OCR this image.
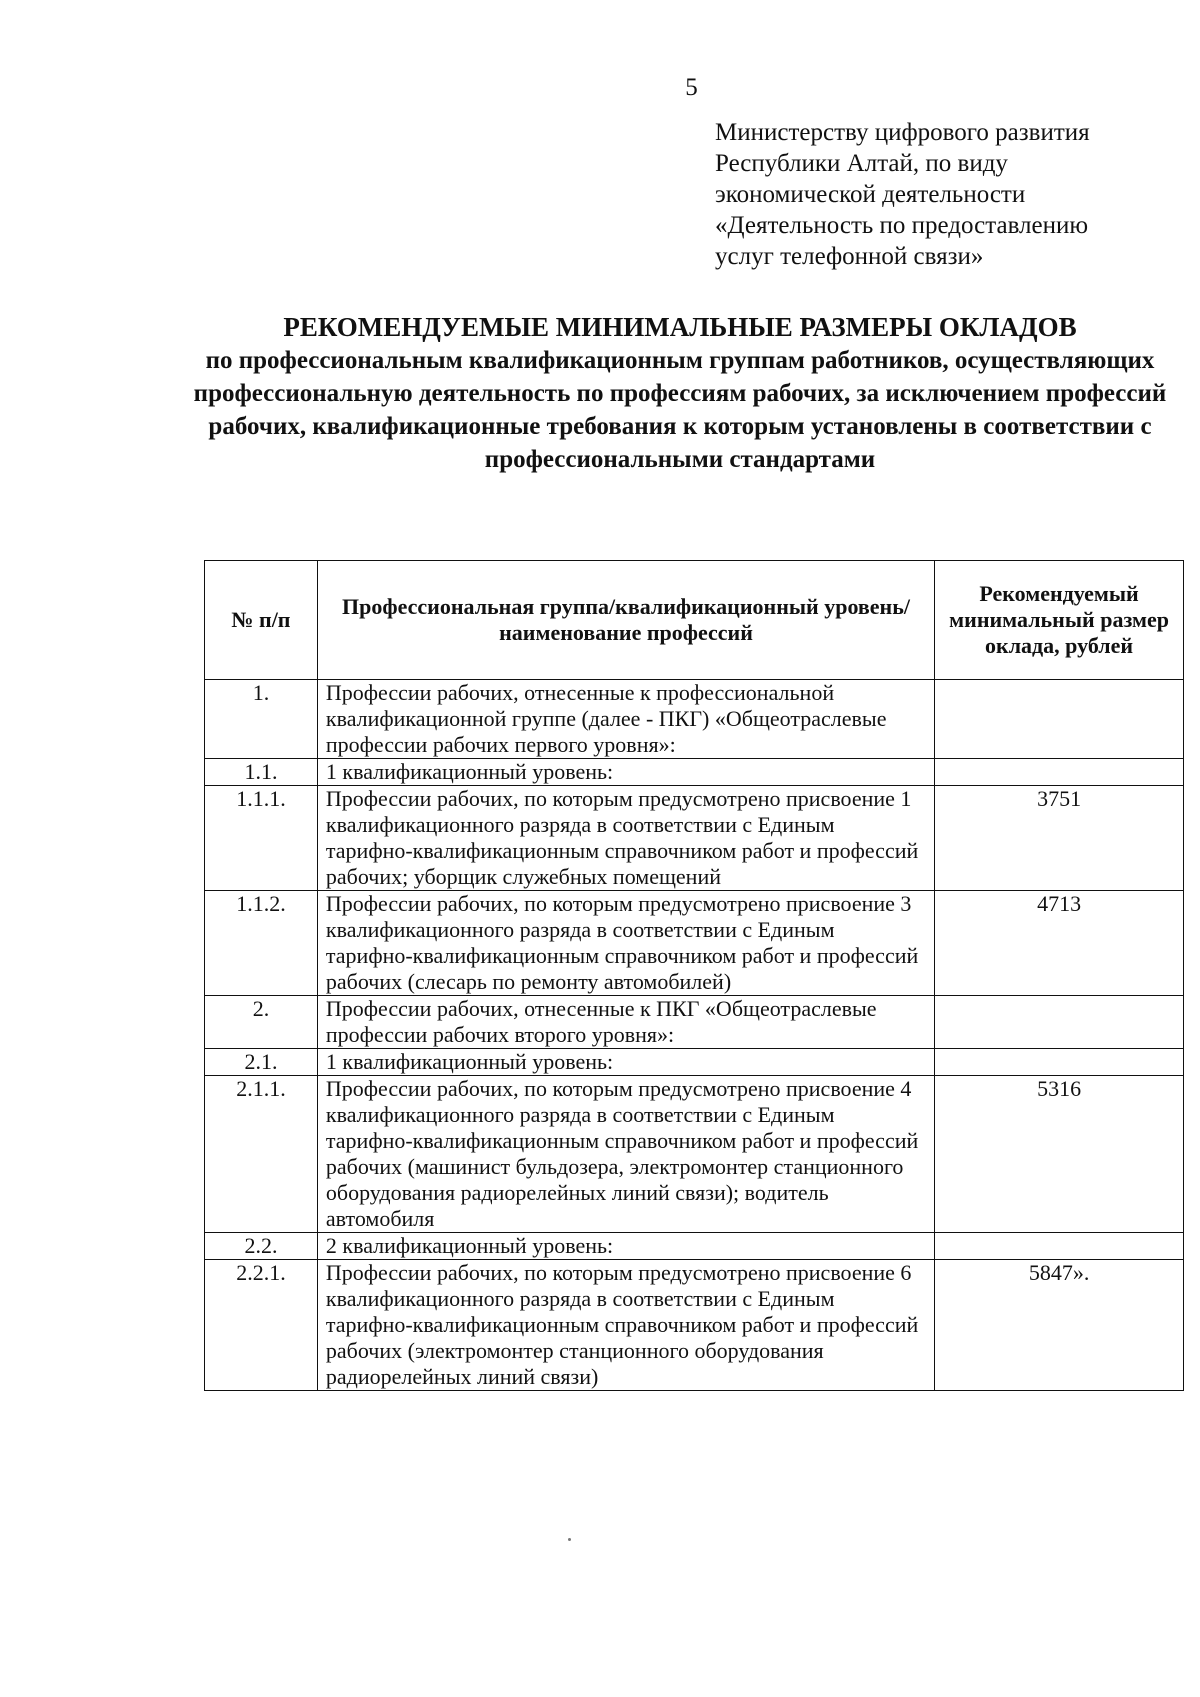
5
Министерству цифрового развития
Республики Алтай, по виду
экономической деятельности
«Деятельность по предоставлению
услуг телефонной связи»
РЕКОМЕНДУЕМЫЕ МИНИМАЛЬНЫЕ РАЗМЕРЫ ОКЛАДОВ
по профессиональным квалификационным группам работников, осуществляющих профессиональную деятельность по профессиям рабочих, за исключением профессий рабочих, квалификационные требования к которым установлены в соответствии с профессиональными стандартами
№ п/п	Профессиональная группа/квалификационный уровень/ наименование профессий	Рекомендуемый минимальный размер оклада, рублей
1.	Профессии рабочих, отнесенные к профессиональной квалификационной группе (далее - ПКГ) «Общеотраслевые профессии рабочих первого уровня»:	
1.1.	1 квалификационный уровень:	
1.1.1.	Профессии рабочих, по которым предусмотрено присвоение 1 квалификационного разряда в соответствии с Единым тарифно-квалификационным справочником работ и профессий рабочих; уборщик служебных помещений	3751
1.1.2.	Профессии рабочих, по которым предусмотрено присвоение 3 квалификационного разряда в соответствии с Единым тарифно-квалификационным справочником работ и профессий рабочих (слесарь по ремонту автомобилей)	4713
2.	Профессии рабочих, отнесенные к ПКГ «Общеотраслевые профессии рабочих второго уровня»:	
2.1.	1 квалификационный уровень:	
2.1.1.	Профессии рабочих, по которым предусмотрено присвоение 4 квалификационного разряда в соответствии с Единым тарифно-квалификационным справочником работ и профессий рабочих (машинист бульдозера, электромонтер станционного оборудования радиорелейных линий связи); водитель автомобиля	5316
2.2.	2 квалификационный уровень:	
2.2.1.	Профессии рабочих, по которым предусмотрено присвоение 6 квалификационного разряда в соответствии с Единым тарифно-квалификационным справочником работ и профессий рабочих (электромонтер станционного оборудования радиорелейных линий связи)	5847».
